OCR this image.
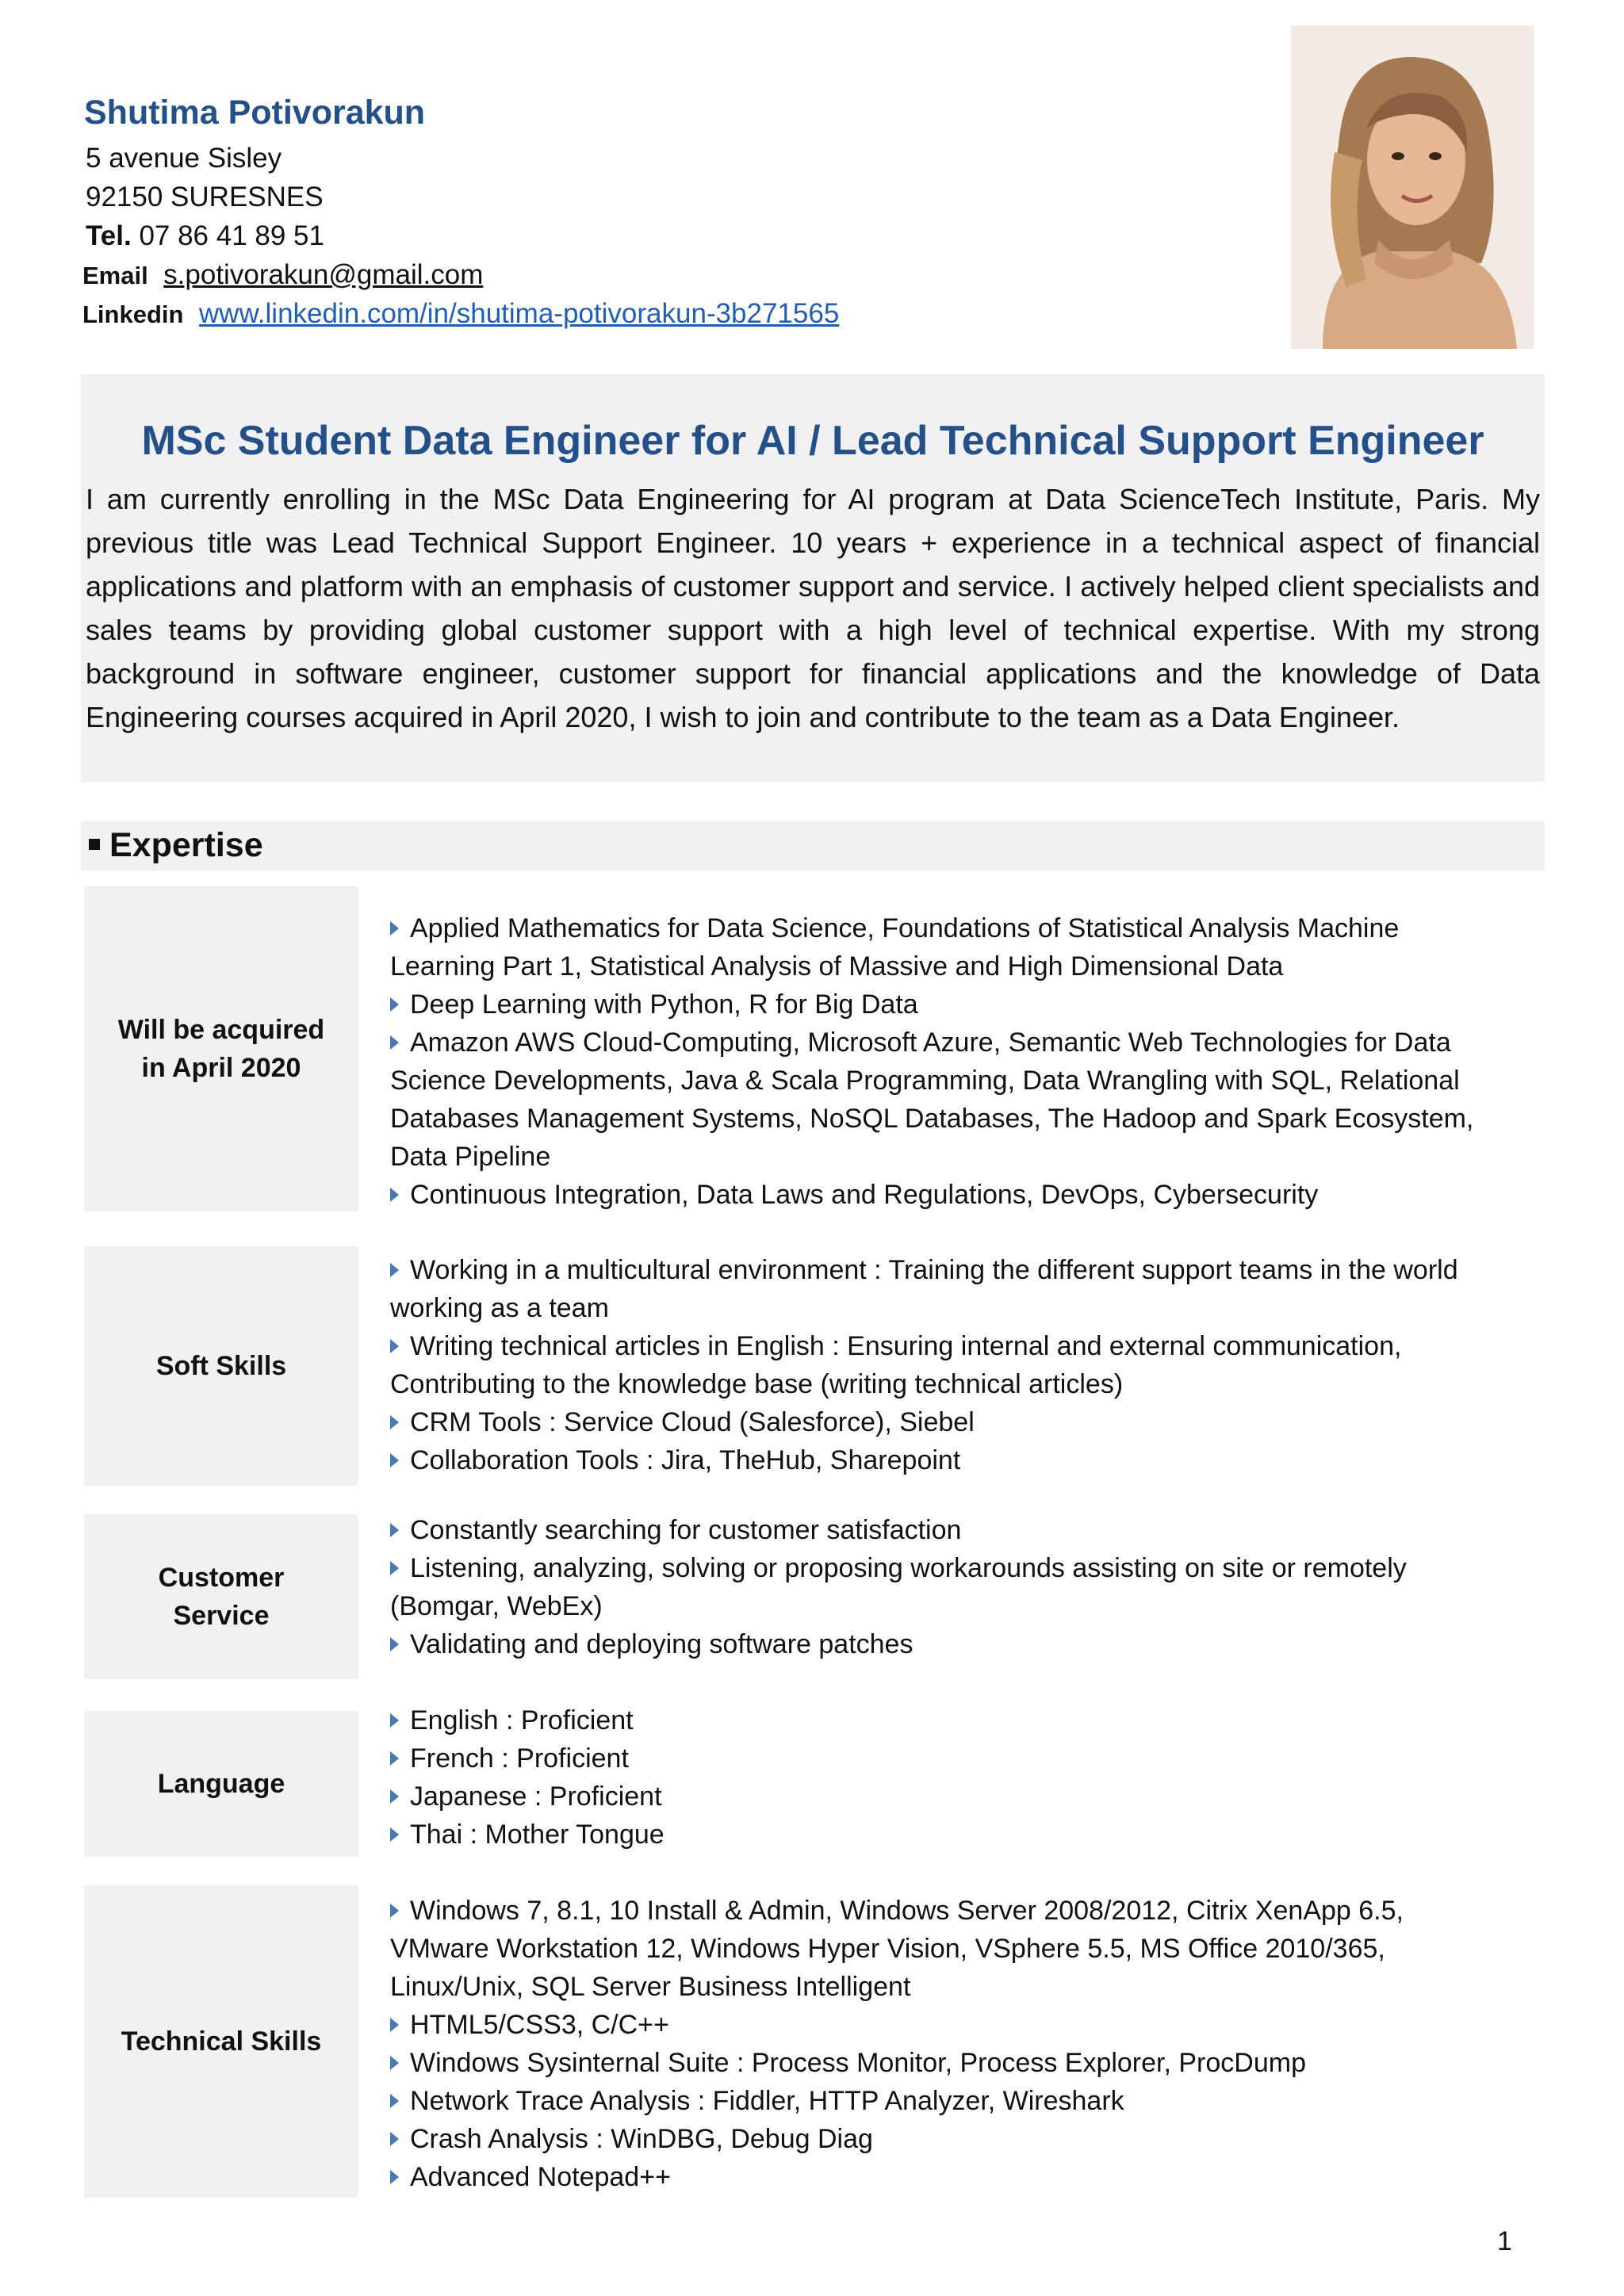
Shutima Potivorakun
5 avenue Sisley
92150 SURESNES
Tel. 07 86 41 89 51
Email s.potivorakun@gmail.com
Linkedin www.linkedin.com/in/shutima-potivorakun-3b271565
MSc Student Data Engineer for AI / Lead Technical Support Engineer
I am currently enrolling in the MSc Data Engineering for AI program at Data ScienceTech Institute, Paris. My previous title was Lead Technical Support Engineer. 10 years + experience in a technical aspect of financial applications and platform with an emphasis of customer support and service. I actively helped client specialists and sales teams by providing global customer support with a high level of technical expertise. With my strong background in software engineer, customer support for financial applications and the knowledge of Data Engineering courses acquired in April 2020, I wish to join and contribute to the team as a Data Engineer.
Expertise
Will be acquired
in April 2020
Applied Mathematics for Data Science, Foundations of Statistical Analysis Machine Learning Part 1, Statistical Analysis of Massive and High Dimensional Data
Deep Learning with Python, R for Big Data
Amazon AWS Cloud-Computing, Microsoft Azure, Semantic Web Technologies for Data Science Developments, Java & Scala Programming, Data Wrangling with SQL, Relational Databases Management Systems, NoSQL Databases, The Hadoop and Spark Ecosystem, Data Pipeline
Continuous Integration, Data Laws and Regulations, DevOps, Cybersecurity
Soft Skills
Working in a multicultural environment : Training the different support teams in the world working as a team
Writing technical articles in English : Ensuring internal and external communication, Contributing to the knowledge base (writing technical articles)
CRM Tools : Service Cloud (Salesforce), Siebel
Collaboration Tools : Jira, TheHub, Sharepoint
Customer
Service
Constantly searching for customer satisfaction
Listening, analyzing, solving or proposing workarounds assisting on site or remotely (Bomgar, WebEx)
Validating and deploying software patches
Language
English : Proficient
French : Proficient
Japanese : Proficient
Thai : Mother Tongue
Technical Skills
Windows 7, 8.1, 10 Install & Admin, Windows Server 2008/2012, Citrix XenApp 6.5, VMware Workstation 12, Windows Hyper Vision, VSphere 5.5, MS Office 2010/365, Linux/Unix, SQL Server Business Intelligent
HTML5/CSS3, C/C++
Windows Sysinternal Suite : Process Monitor, Process Explorer, ProcDump
Network Trace Analysis : Fiddler, HTTP Analyzer, Wireshark
Crash Analysis : WinDBG, Debug Diag
Advanced Notepad++
1
